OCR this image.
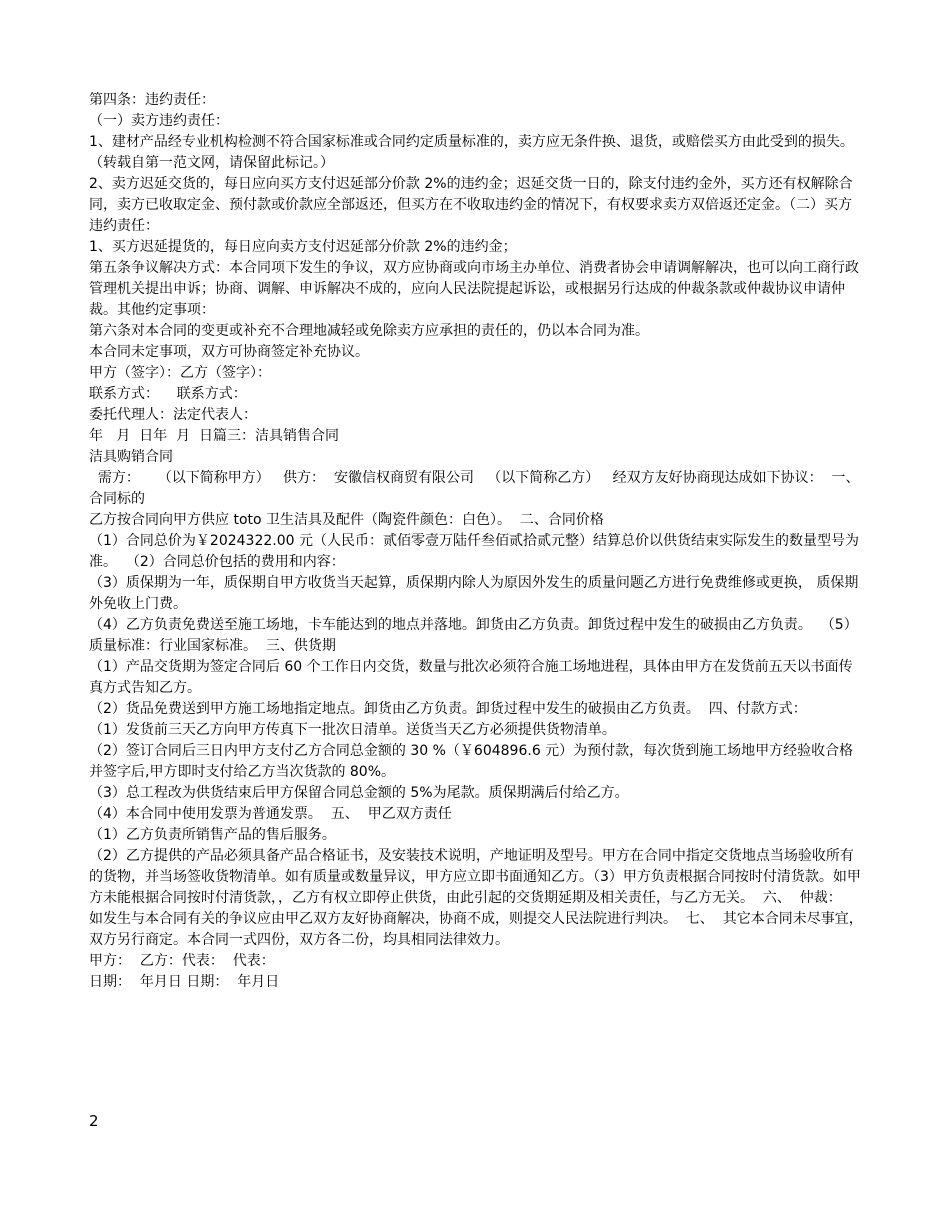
第四条：违约责任：

（一）卖方违约责任：

1、建材产品经专业机构检测不符合国家标准或合同约定质量标准的，卖方应无条件换、退货，或赔偿买方由此受到的损失。（转载自第一范文网，请保留此标记。）

2、卖方迟延交货的，每日应向买方支付迟延部分价款 2%的违约金；迟延交货一日的，除支付违约金外，买方还有权解除合同，卖方已收取定金、预付款或价款应全部返还，但买方在不收取违约金的情况下，有权要求卖方双倍返还定金。（二）买方违约责任：

1、买方迟延提货的，每日应向卖方支付迟延部分价款 2%的违约金；

第五条争议解决方式：本合同项下发生的争议，双方应协商或向市场主办单位、消费者协会申请调解解决，也可以向工商行政管理机关提出申诉；协商、调解、申诉解决不成的，应向人民法院提起诉讼，或根据另行达成的仲裁条款或仲裁协议申请仲裁。其他约定事项：

第六条对本合同的变更或补充不合理地减轻或免除卖方应承担的责任的，仍以本合同为准。

本合同未定事项，双方可协商签定补充协议。

甲方（签字）：乙方（签字）：

联系方式：    联系方式：

委托代理人：法定代表人：

年   月  日年  月  日篇三：洁具销售合同

洁具购销合同

需方：    （以下简称甲方）   供方：  安徽信权商贸有限公司   （以下简称乙方）   经双方友好协商现达成如下协议：  一、合同标的

乙方按合同向甲方供应 toto 卫生洁具及配件（陶瓷件颜色：白色）。  二、合同价格

（1）合同总价为￥2024322.00 元（人民币：贰佰零壹万陆仟叁佰贰拾贰元整）结算总价以供货结束实际发生的数量型号为准。  （2）合同总价包括的费用和内容：

（3）质保期为一年，质保期自甲方收货当天起算，质保期内除人为原因外发生的质量问题乙方进行免费维修或更换， 质保期外免收上门费。

（4）乙方负责免费送至施工场地，卡车能达到的地点并落地。卸货由乙方负责。卸货过程中发生的破损由乙方负责。  （5）质量标准：行业国家标准。  三、供货期

（1）产品交货期为签定合同后 60 个工作日内交货，数量与批次必须符合施工场地进程，具体由甲方在发货前五天以书面传真方式告知乙方。

（2）货品免费送到甲方施工场地指定地点。卸货由乙方负责。卸货过程中发生的破损由乙方负责。  四、付款方式：

（1）发货前三天乙方向甲方传真下一批次日清单。送货当天乙方必须提供货物清单。

（2）签订合同后三日内甲方支付乙方合同总金额的 30 %（￥604896.6 元）为预付款，每次货到施工场地甲方经验收合格并签字后,甲方即时支付给乙方当次货款的 80%。

（3）总工程改为供货结束后甲方保留合同总金额的 5%为尾款。质保期满后付给乙方。

（4）本合同中使用发票为普通发票。  五、  甲乙双方责任

（1）乙方负责所销售产品的售后服务。

（2）乙方提供的产品必须具备产品合格证书，及安装技术说明，产地证明及型号。甲方在合同中指定交货地点当场验收所有的货物，并当场签收货物清单。如有质量或数量异议，甲方应立即书面通知乙方。（3）甲方负责根据合同按时付清货款。如甲方未能根据合同按时付清货款，，乙方有权立即停止供货，由此引起的交货期延期及相关责任，与乙方无关。  六、  仲裁：

如发生与本合同有关的争议应由甲乙双方友好协商解决，协商不成，则提交人民法院进行判决。  七、  其它本合同未尽事宜，双方另行商定。本合同一式四份，双方各二份，均具相同法律效力。

甲方：  乙方：代表：  代表：

日期：  年月日 日期：  年月日

2
